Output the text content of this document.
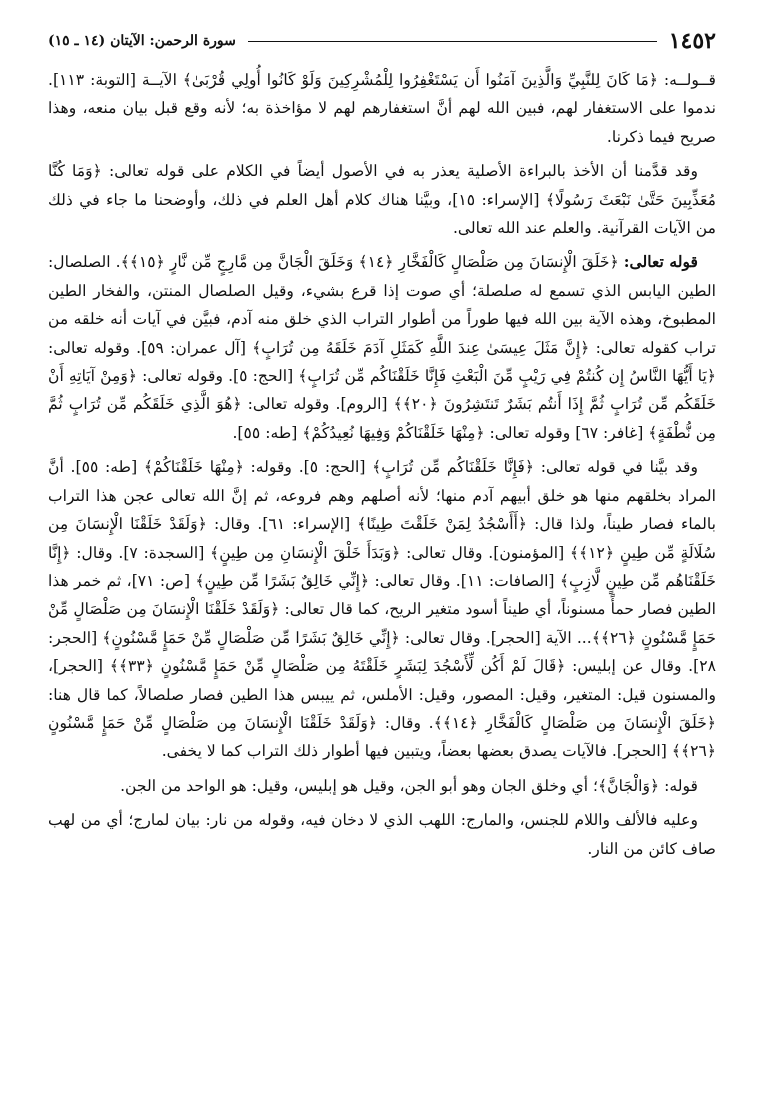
١٤٥٢
سورة الرحمن: الآيتان (١٤ ـ ١٥)

قــولــه: ﴿مَا كَانَ لِلنَّبِيِّ وَالَّذِينَ آمَنُوا أَن يَسْتَغْفِرُوا لِلْمُشْرِكِينَ وَلَوْ كَانُوا أُولِي قُرْبَىٰ﴾ الآيــة [التوبة: ١١٣]. ندموا على الاستغفار لهم، فبين الله لهم أنَّ استغفارهم لهم لا مؤاخذة به؛ لأنه وقع قبل بيان منعه، وهذا صريح فيما ذكرنا.

وقد قدَّمنا أن الأخذ بالبراءة الأصلية يعذر به في الأصول أيضاً في الكلام على قوله تعالى: ﴿وَمَا كُنَّا مُعَذِّبِينَ حَتَّىٰ نَبْعَثَ رَسُولًا﴾ [الإسراء: ١٥]، وبيَّنا هناك كلام أهل العلم في ذلك، وأوضحنا ما جاء في ذلك من الآيات القرآنية. والعلم عند الله تعالى.

قوله تعالى: ﴿خَلَقَ الْإِنسَانَ مِن صَلْصَالٍ كَالْفَخَّارِ ﴿١٤﴾ وَخَلَقَ الْجَانَّ مِن مَّارِجٍ مِّن نَّارٍ ﴿١٥﴾﴾. الصلصال: الطين اليابس الذي تسمع له صلصلة؛ أي صوت إذا قرع بشيء، وقيل الصلصال المنتن، والفخار الطين المطبوخ، وهذه الآية بين الله فيها طوراً من أطوار التراب الذي خلق منه آدم، فبيَّن في آيات أنه خلقه من تراب كقوله تعالى: ﴿إِنَّ مَثَلَ عِيسَىٰ عِندَ اللَّهِ كَمَثَلِ آدَمَ خَلَقَهُ مِن تُرَابٍ﴾ [آل عمران: ٥٩]. وقوله تعالى: ﴿يَا أَيُّهَا النَّاسُ إِن كُنتُمْ فِي رَيْبٍ مِّنَ الْبَعْثِ فَإِنَّا خَلَقْنَاكُم مِّن تُرَابٍ﴾ [الحج: ٥]. وقوله تعالى: ﴿وَمِنْ آيَاتِهِ أَنْ خَلَقَكُم مِّن تُرَابٍ ثُمَّ إِذَا أَنتُم بَشَرٌ تَنتَشِرُونَ ﴿٢٠﴾﴾ [الروم]. وقوله تعالى: ﴿هُوَ الَّذِي خَلَقَكُم مِّن تُرَابٍ ثُمَّ مِن نُّطْفَةٍ﴾ [غافر: ٦٧] وقوله تعالى: ﴿مِنْهَا خَلَقْنَاكُمْ وَفِيهَا نُعِيدُكُمْ﴾ [طه: ٥٥].

وقد بيَّنا في قوله تعالى: ﴿فَإِنَّا خَلَقْنَاكُم مِّن تُرَابٍ﴾ [الحج: ٥]. وقوله: ﴿مِنْهَا خَلَقْنَاكُمْ﴾ [طه: ٥٥]. أنَّ المراد بخلقهم منها هو خلق أبيهم آدم منها؛ لأنه أصلهم وهم فروعه، ثم إنَّ الله تعالى عجن هذا التراب بالماء فصار طيناً، ولذا قال: ﴿أَأَسْجُدُ لِمَنْ خَلَقْتَ طِينًا﴾ [الإسراء: ٦١]. وقال: ﴿وَلَقَدْ خَلَقْنَا الْإِنسَانَ مِن سُلَالَةٍ مِّن طِينٍ ﴿١٢﴾﴾ [المؤمنون]. وقال تعالى: ﴿وَبَدَأَ خَلْقَ الْإِنسَانِ مِن طِينٍ﴾ [السجدة: ٧]. وقال: ﴿إِنَّا خَلَقْنَاهُم مِّن طِينٍ لَّازِبٍ﴾ [الصافات: ١١]. وقال تعالى: ﴿إِنِّي خَالِقٌ بَشَرًا مِّن طِينٍ﴾ [ص: ٧١]، ثم خمر هذا الطين فصار حمأً مسنوناً، أي طيناً أسود متغير الريح، كما قال تعالى: ﴿وَلَقَدْ خَلَقْنَا الْإِنسَانَ مِن صَلْصَالٍ مِّنْ حَمَإٍ مَّسْنُونٍ ﴿٢٦﴾﴾... الآية [الحجر]. وقال تعالى: ﴿إِنِّي خَالِقٌ بَشَرًا مِّن صَلْصَالٍ مِّنْ حَمَإٍ مَّسْنُونٍ﴾ [الحجر: ٢٨]. وقال عن إبليس: ﴿قَالَ لَمْ أَكُن لِّأَسْجُدَ لِبَشَرٍ خَلَقْتَهُ مِن صَلْصَالٍ مِّنْ حَمَإٍ مَّسْنُونٍ ﴿٣٣﴾﴾ [الحجر]، والمسنون قيل: المتغير، وقيل: المصور، وقيل: الأملس، ثم ييبس هذا الطين فصار صلصالاً، كما قال هنا: ﴿خَلَقَ الْإِنسَانَ مِن صَلْصَالٍ كَالْفَخَّارِ ﴿١٤﴾﴾. وقال: ﴿وَلَقَدْ خَلَقْنَا الْإِنسَانَ مِن صَلْصَالٍ مِّنْ حَمَإٍ مَّسْنُونٍ ﴿٢٦﴾﴾ [الحجر]. فالآيات يصدق بعضها بعضاً، ويتبين فيها أطوار ذلك التراب كما لا يخفى.

قوله: ﴿وَالْجَانَّ﴾؛ أي وخلق الجان وهو أبو الجن، وقيل هو إبليس، وقيل: هو الواحد من الجن.

وعليه فالألف واللام للجنس، والمارج: اللهب الذي لا دخان فيه، وقوله من نار: بيان لمارج؛ أي من لهب صاف كائن من النار.
